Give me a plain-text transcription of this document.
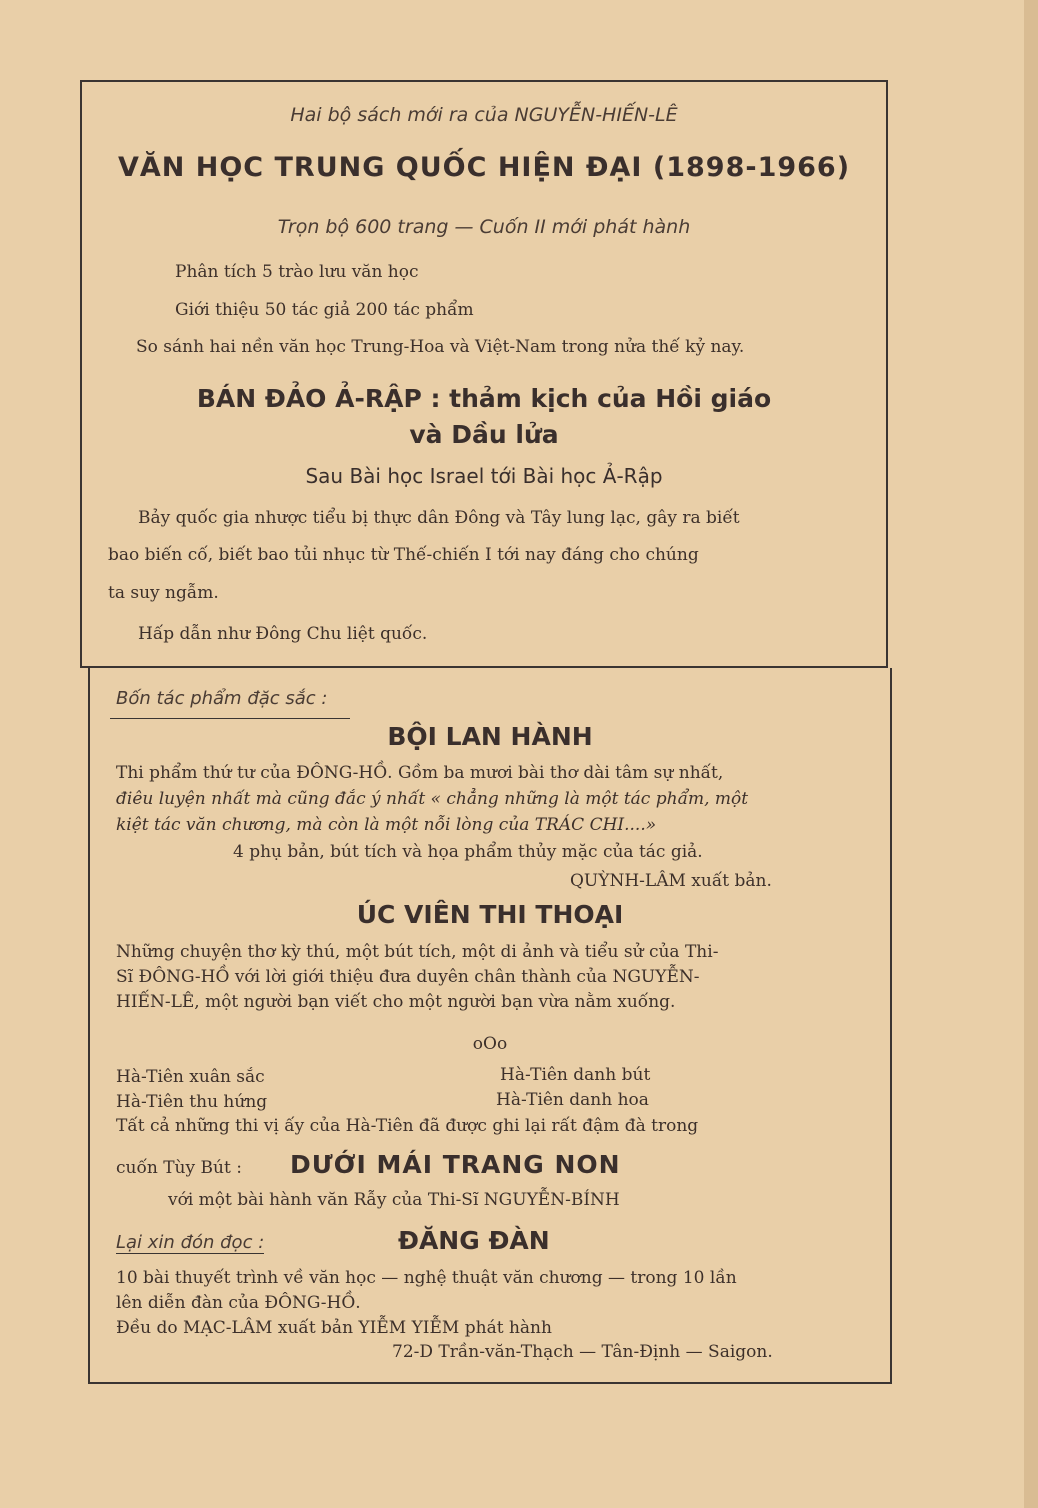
Hai bộ sách mới ra của NGUYỄN-HIẾN-LÊ
VĂN HỌC TRUNG QUỐC HIỆN ĐẠI (1898-1966)
Trọn bộ 600 trang — Cuốn II mới phát hành
Phân tích 5 trào lưu văn học
Giới thiệu 50 tác giả 200 tác phẩm
So sánh hai nền văn học Trung-Hoa và Việt-Nam trong nửa thế kỷ nay.
BÁN ĐẢO Ả-RẬP : thảm kịch của Hồi giáo
và Dầu lửa
Sau Bài học Israel tới Bài học Ả-Rập
Bảy quốc gia nhược tiểu bị thực dân Đông và Tây lung lạc, gây ra biết
bao biến cố, biết bao tủi nhục từ Thế-chiến I tới nay đáng cho chúng
ta suy ngẫm.
Hấp dẫn như Đông Chu liệt quốc.
Bốn tác phẩm đặc sắc :
BỘI LAN HÀNH
Thi phẩm thứ tư của ĐÔNG-HỒ. Gồm ba mươi bài thơ dài tâm sự nhất,
điêu luyện nhất mà cũng đắc ý nhất « chẳng những là một tác phẩm, một
kiệt tác văn chương, mà còn là một nỗi lòng của TRÁC CHI....»
4 phụ bản, bút tích và họa phẩm thủy mặc của tác giả.
QUỲNH-LÂM xuất bản.
ÚC VIÊN THI THOẠI
Những chuyện thơ kỳ thú, một bút tích, một di ảnh và tiểu sử của Thi-
Sĩ ĐÔNG-HỒ với lời giới thiệu đưa duyên chân thành của NGUYỄN-
HIẾN-LÊ, một người bạn viết cho một người bạn vừa nằm xuống.
oOo
Hà-Tiên xuân sắc
Hà-Tiên thu hứng
Hà-Tiên danh bút
Hà-Tiên danh hoa
Tất cả những thi vị ấy của Hà-Tiên đã được ghi lại rất đậm đà trong
cuốn Tùy Bút : DƯỚI MÁI TRANG NON
với một bài hành văn Rẫy của Thi-Sĩ NGUYỄN-BÍNH
Lại xin đón đọc :	ĐĂNG ĐÀN
10 bài thuyết trình về văn học — nghệ thuật văn chương — trong 10 lần
lên diễn đàn của ĐÔNG-HỒ.
Đều do MẠC-LÂM xuất bản YIỄM YIỄM phát hành
72-D Trần-văn-Thạch — Tân-Định — Saigon.
